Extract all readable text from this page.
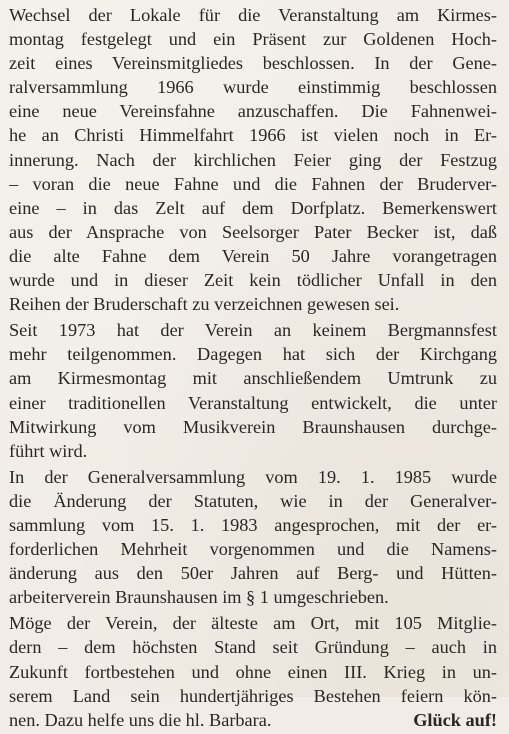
Wechsel der Lokale für die Veranstaltung am Kirmes-
montag festgelegt und ein Präsent zur Goldenen Hoch-
zeit eines Vereinsmitgliedes beschlossen. In der Gene-
ralversammlung 1966 wurde einstimmig beschlossen
eine neue Vereinsfahne anzuschaffen. Die Fahnenwei-
he an Christi Himmelfahrt 1966 ist vielen noch in Er-
innerung. Nach der kirchlichen Feier ging der Festzug
– voran die neue Fahne und die Fahnen der Bruderver-
eine – in das Zelt auf dem Dorfplatz. Bemerkenswert
aus der Ansprache von Seelsorger Pater Becker ist, daß
die alte Fahne dem Verein 50 Jahre vorangetragen
wurde und in dieser Zeit kein tödlicher Unfall in den
Reihen der Bruderschaft zu verzeichnen gewesen sei.

Seit 1973 hat der Verein an keinem Bergmannsfest
mehr teilgenommen. Dagegen hat sich der Kirchgang
am Kirmesmontag mit anschließendem Umtrunk zu
einer traditionellen Veranstaltung entwickelt, die unter
Mitwirkung vom Musikverein Braunshausen durchge-
führt wird.

In der Generalversammlung vom 19. 1. 1985 wurde
die Änderung der Statuten, wie in der Generalver-
sammlung vom 15. 1. 1983 angesprochen, mit der er-
forderlichen Mehrheit vorgenommen und die Namens-
änderung aus den 50er Jahren auf Berg- und Hütten-
arbeiterverein Braunshausen im § 1 umgeschrieben.

Möge der Verein, der älteste am Ort, mit 105 Mitglie-
dern – dem höchsten Stand seit Gründung – auch in
Zukunft fortbestehen und ohne einen III. Krieg in un-
serem Land sein hundertjähriges Bestehen feiern kön-
nen. Dazu helfe uns die hl. Barbara.	Glück auf!
